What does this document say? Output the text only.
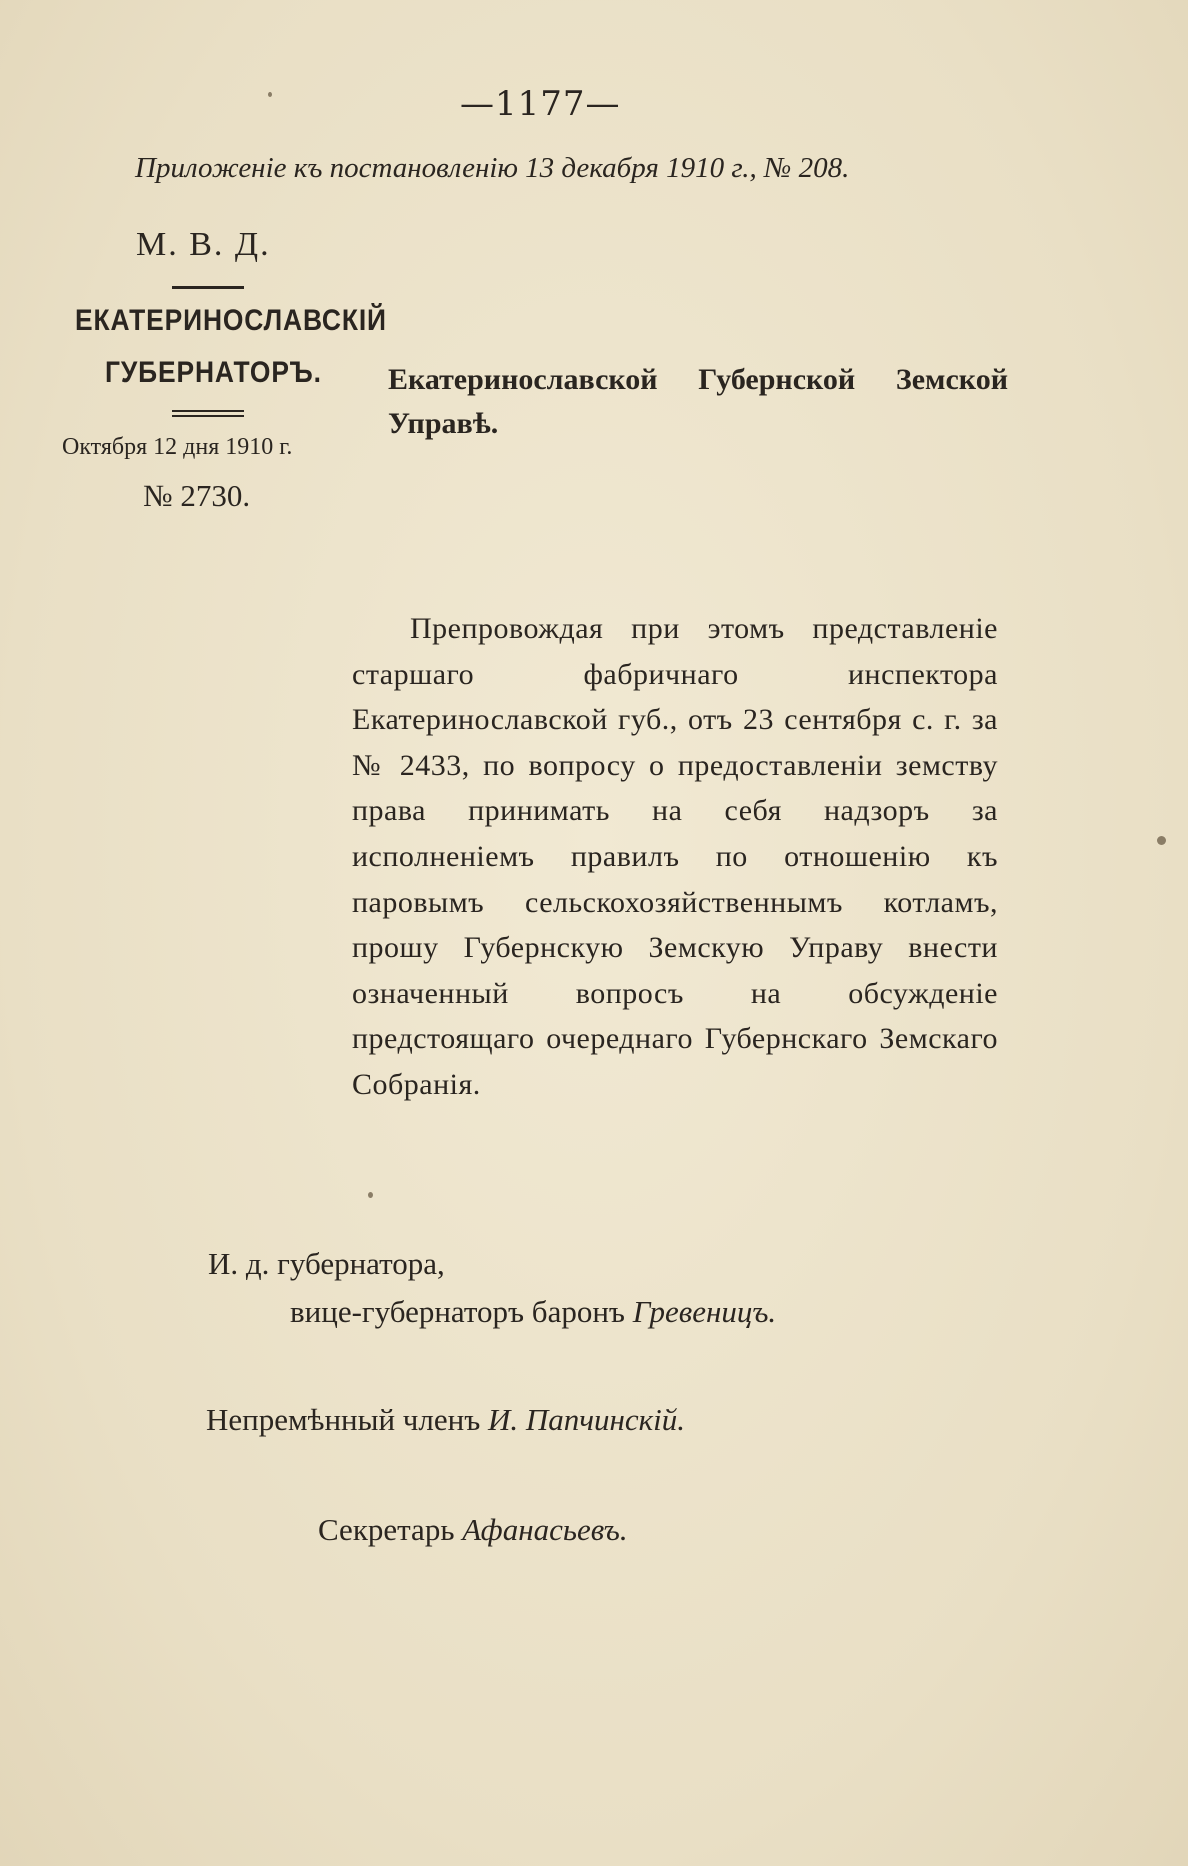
—1177—
Приложеніе къ постановленію 13 декабря 1910 г., № 208.
М. В. Д.
ЕКАТЕРИНОСЛАВСКІЙ
ГУБЕРНАТОРЪ.
Октября 12 дня 1910 г.
№ 2730.
Екатеринославской Губернской Земской Управѣ.
Препровождая при этомъ представленіе старшаго фабричнаго инспектора Екатеринославской губ., отъ 23 сентября с. г. за № 2433, по вопросу о предоставленіи земству права принимать на себя надзоръ за исполненіемъ правилъ по отношенію къ паровымъ сельскохозяйственнымъ котламъ, прошу Губернскую Земскую Управу внести означенный вопросъ на обсужденіе предстоящаго очереднаго Губернскаго Земскаго Собранія.
И. д. губернатора,
вице-губернаторъ баронъ Гревеницъ.
Непремѣнный членъ И. Папчинскій.
Секретарь Афанасьевъ.
